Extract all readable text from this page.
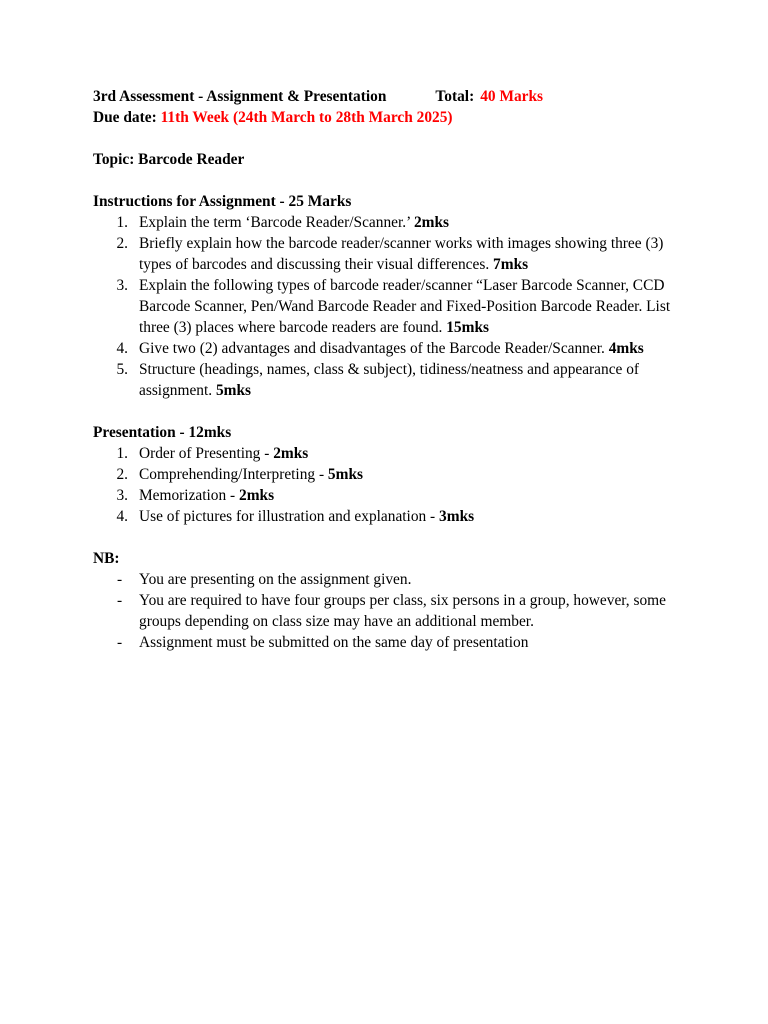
3rd Assessment - Assignment & Presentation	Total: 40 Marks
Due date: 11th Week (24th March to 28th March 2025)
Topic: Barcode Reader
Instructions for Assignment - 25 Marks
1. Explain the term ‘Barcode Reader/Scanner.’ 2mks
2. Briefly explain how the barcode reader/scanner works with images showing three (3) types of barcodes and discussing their visual differences. 7mks
3. Explain the following types of barcode reader/scanner “Laser Barcode Scanner, CCD Barcode Scanner, Pen/Wand Barcode Reader and Fixed-Position Barcode Reader. List three (3) places where barcode readers are found. 15mks
4. Give two (2) advantages and disadvantages of the Barcode Reader/Scanner. 4mks
5. Structure (headings, names, class & subject), tidiness/neatness and appearance of assignment. 5mks
Presentation - 12mks
1. Order of Presenting - 2mks
2. Comprehending/Interpreting - 5mks
3. Memorization - 2mks
4. Use of pictures for illustration and explanation - 3mks
NB:
- You are presenting on the assignment given.
- You are required to have four groups per class, six persons in a group, however, some groups depending on class size may have an additional member.
- Assignment must be submitted on the same day of presentation
